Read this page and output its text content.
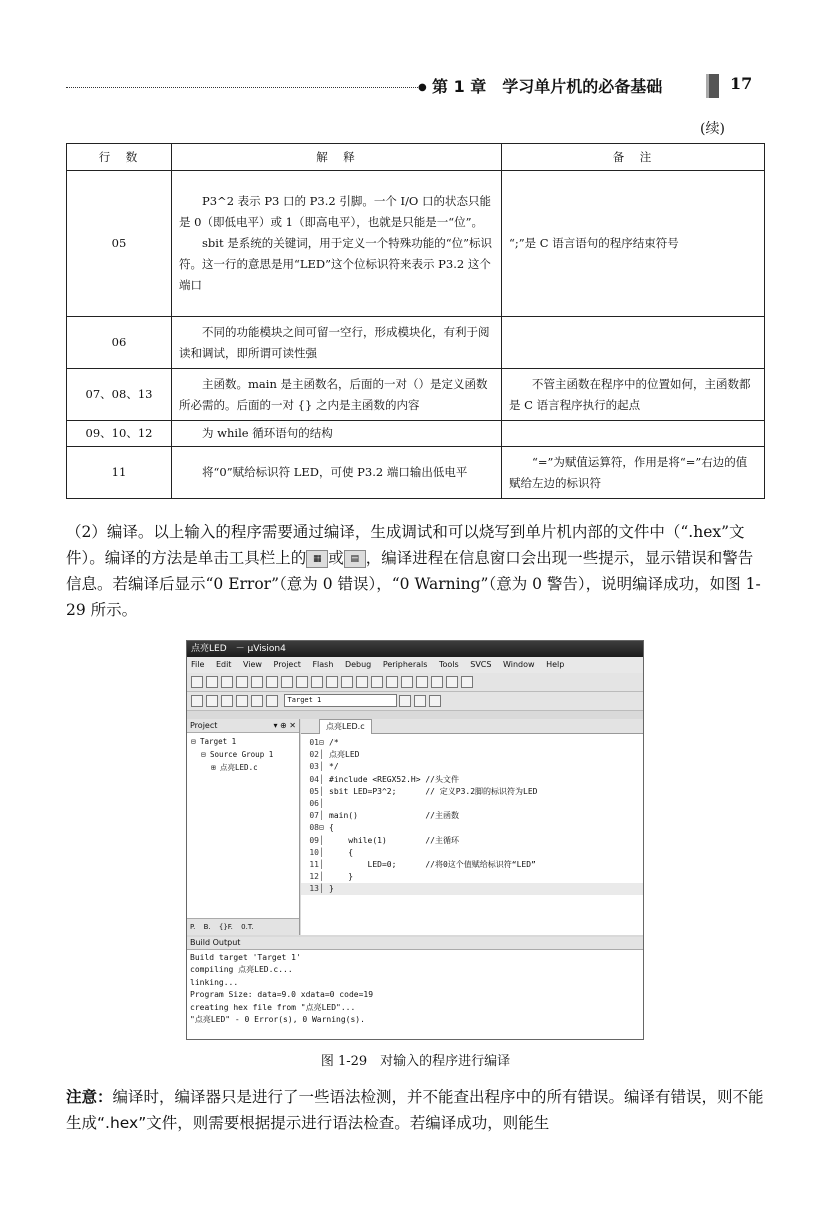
● 第 1 章　学习单片机的必备基础	17
(续)
行　数	解　释	备　注
05	P3^2 表示 P3 口的 P3.2 引脚。一个 I/O 口的状态只能是 0（即低电平）或 1（即高电平），也就是只能是一“位”。
sbit 是系统的关键词，用于定义一个特殊功能的“位”标识符。这一行的意思是用“LED”这个位标识符来表示 P3.2 这个端口	“;”是 C 语言语句的程序结束符号
06	不同的功能模块之间可留一空行，形成模块化，有利于阅读和调试，即所谓可读性强	

07、08、13	主函数。main 是主函数名，后面的一对（）是定义函数所必需的。后面的一对 {} 之内是主函数的内容	不管主函数在程序中的位置如何，主函数都是 C 语言程序执行的起点
09、10、12	为 while 循环语句的结构	

11	将“0”赋给标识符 LED，可使 P3.2 端口输出低电平	“=”为赋值运算符，作用是将“=”右边的值赋给左边的标识符
（2）编译。以上输入的程序需要通过编译，生成调试和可以烧写到单片机内部的文件中（“.hex”文件）。编译的方法是单击工具栏上的 ▦ 或 ▤ ，编译进程在信息窗口会出现一些提示，显示错误和警告信息。若编译后显示“0 Error”（意为 0 错误），“0 Warning”（意为 0 警告），说明编译成功，如图 1-29 所示。
点亮LED　－ μVision4
File Edit View Project Flash Debug Peripherals Tools SVCS Window Help
Target 1
Project	▾ ⊕ ✕
⊟ Target 1
⊟ Source Group 1
⊞ 点亮LED.c
P. B. {}F. 0.T.
点亮LED.c
01⊟ /*
02│ 点亮LED
03│ */
04│ #include <REGX52.H> //头文件
05│ sbit LED=P3^2;      // 定义P3.2脚的标识符为LED
06│
07│ main()              //主函数
08⊟ {
09│    while(1)        //主循环
10│    {
11│        LED=0;      //将0这个值赋给标识符“LED”
12│    }
13│ }
Build Output
Build target 'Target 1'
compiling 点亮LED.c...
linking...
Program Size: data=9.0 xdata=0 code=19
creating hex file from "点亮LED"...
"点亮LED" - 0 Error(s), 0 Warning(s).
图 1-29　对输入的程序进行编译
注意：编译时，编译器只是进行了一些语法检测，并不能查出程序中的所有错误。编译有错误，则不能生成“.hex”文件，则需要根据提示进行语法检查。若编译成功，则能生
